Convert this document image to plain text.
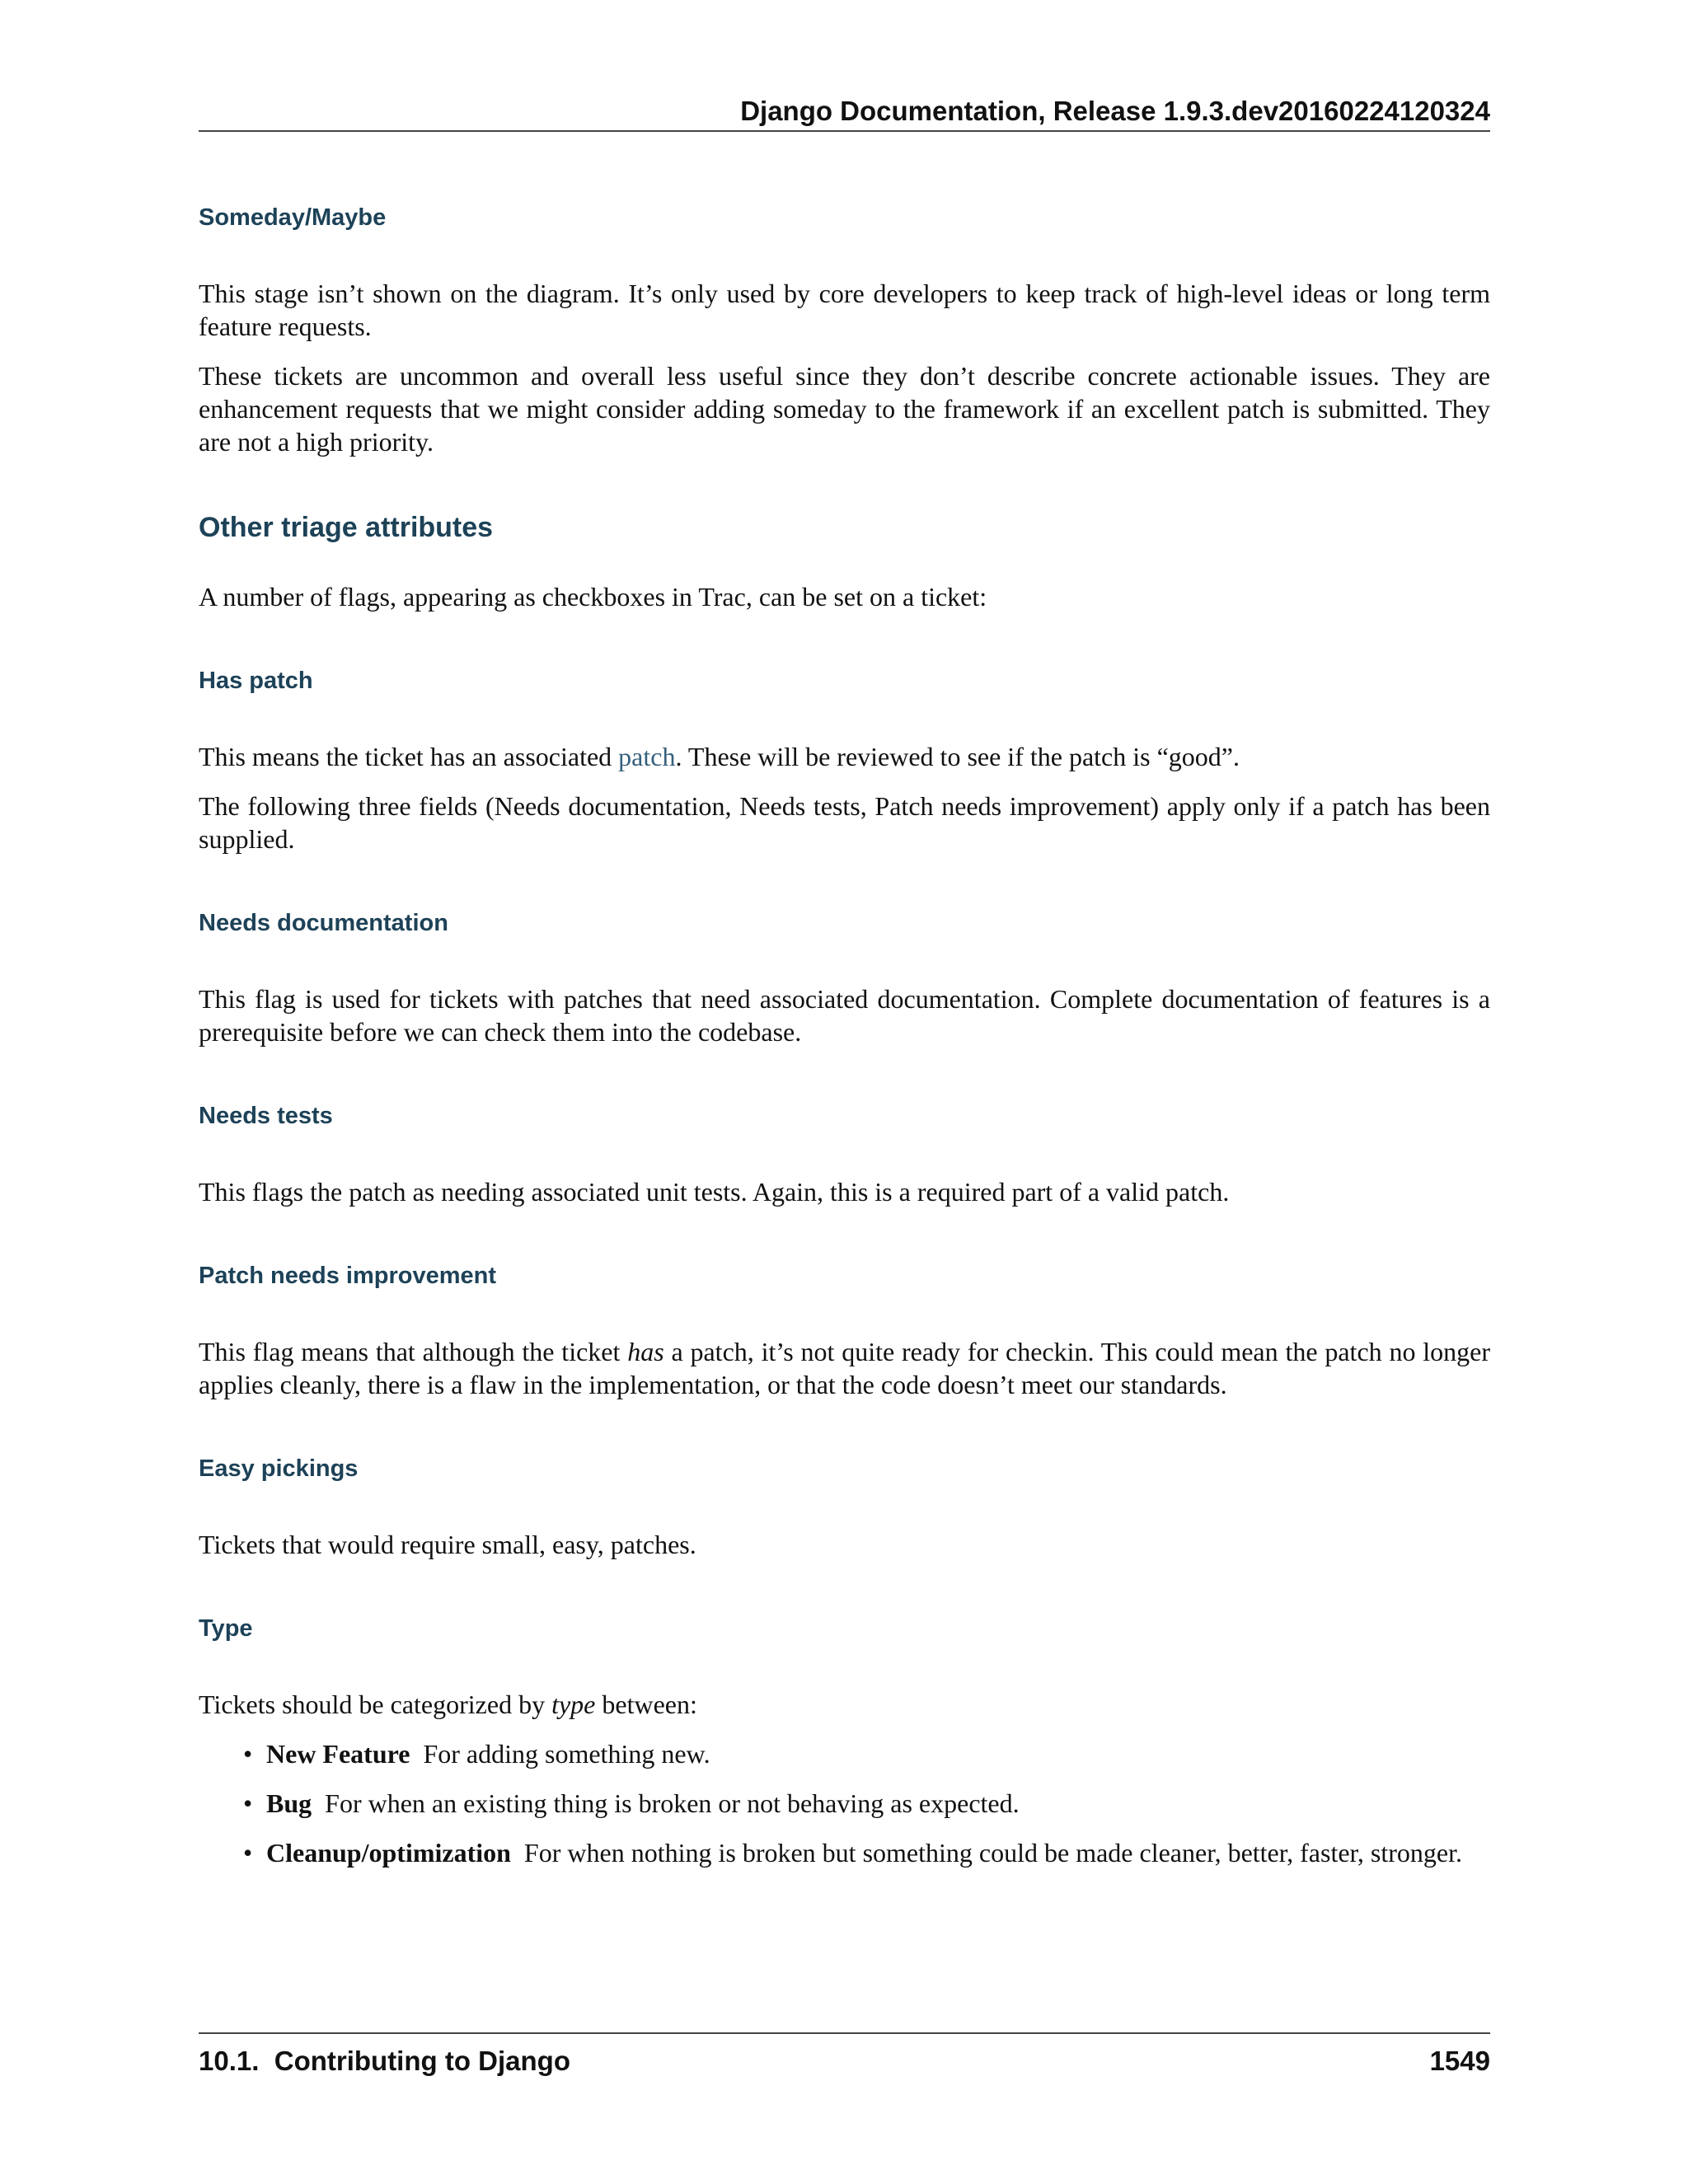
Django Documentation, Release 1.9.3.dev20160224120324
Someday/Maybe

This stage isn’t shown on the diagram. It’s only used by core developers to keep track of high-level ideas or long term feature requests.

These tickets are uncommon and overall less useful since they don’t describe concrete actionable issues. They are enhancement requests that we might consider adding someday to the framework if an excellent patch is submitted. They are not a high priority.

Other triage attributes

A number of flags, appearing as checkboxes in Trac, can be set on a ticket:

Has patch

This means the ticket has an associated patch. These will be reviewed to see if the patch is “good”.

The following three fields (Needs documentation, Needs tests, Patch needs improvement) apply only if a patch has been supplied.

Needs documentation

This flag is used for tickets with patches that need associated documentation. Complete documentation of features is a prerequisite before we can check them into the codebase.

Needs tests

This flags the patch as needing associated unit tests. Again, this is a required part of a valid patch.

Patch needs improvement

This flag means that although the ticket has a patch, it’s not quite ready for checkin. This could mean the patch no longer applies cleanly, there is a flaw in the implementation, or that the code doesn’t meet our standards.

Easy pickings

Tickets that would require small, easy, patches.

Type

Tickets should be categorized by type between:

• New Feature For adding something new.
• Bug For when an existing thing is broken or not behaving as expected.
• Cleanup/optimization For when nothing is broken but something could be made cleaner, better, faster, stronger.
10.1.  Contributing to Django	1549
